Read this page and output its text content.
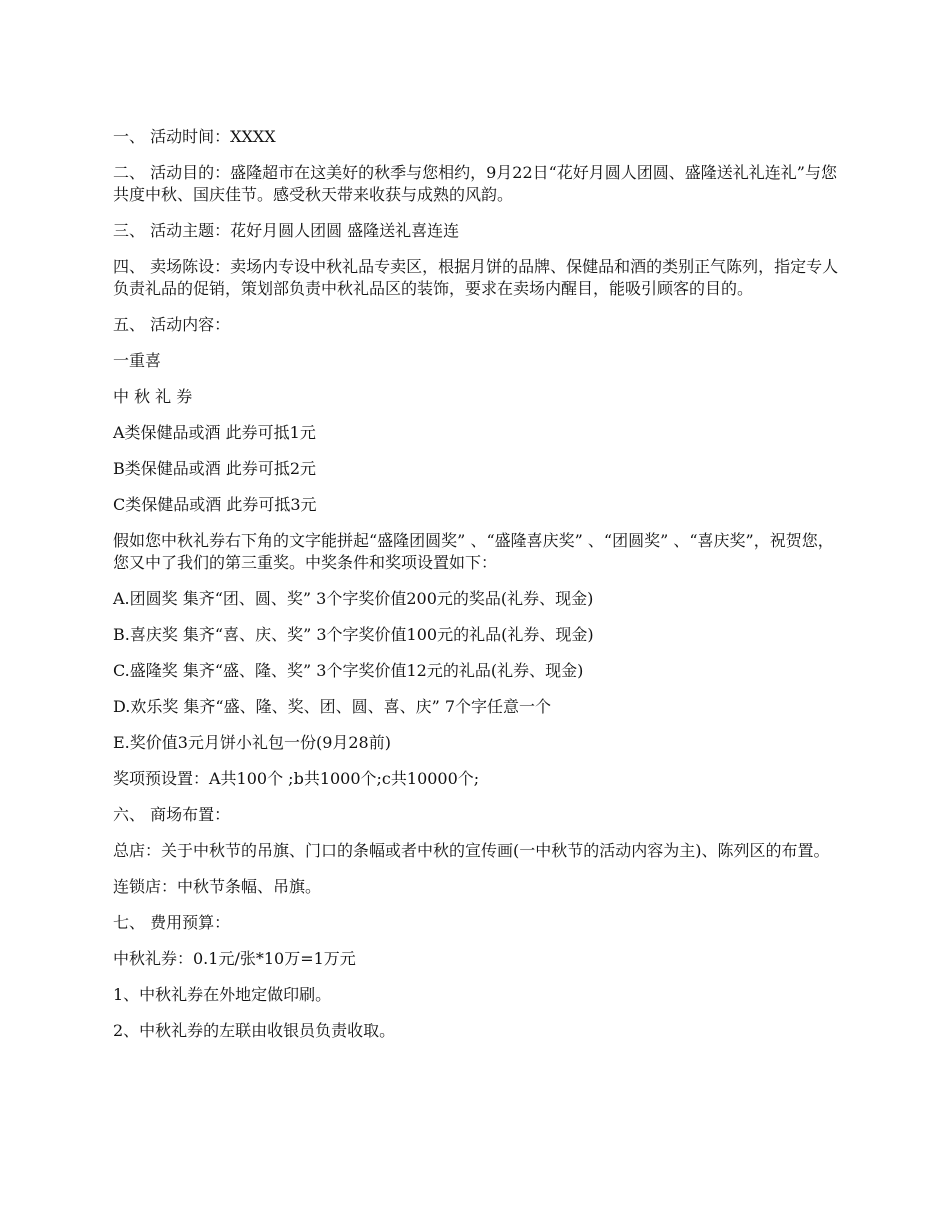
一、 活动时间：XXXX

二、 活动目的：盛隆超市在这美好的秋季与您相约，9月22日“花好月圆人团圆、盛隆送礼礼连礼”与您共度中秋、国庆佳节。感受秋天带来收获与成熟的风韵。

三、 活动主题：花好月圆人团圆 盛隆送礼喜连连

四、 卖场陈设：卖场内专设中秋礼品专卖区，根据月饼的品牌、保健品和酒的类别正气陈列，指定专人负责礼品的促销，策划部负责中秋礼品区的装饰，要求在卖场内醒目，能吸引顾客的目的。

五、 活动内容：

一重喜

中 秋 礼 券

A类保健品或酒 此券可抵1元

B类保健品或酒 此券可抵2元

C类保健品或酒 此券可抵3元

假如您中秋礼券右下角的文字能拼起“盛隆团圆奖” 、“盛隆喜庆奖” 、“团圆奖” 、“喜庆奖”，祝贺您，您又中了我们的第三重奖。中奖条件和奖项设置如下：

A.团圆奖 集齐“团、圆、奖” 3个字奖价值200元的奖品(礼券、现金)

B.喜庆奖 集齐“喜、庆、奖” 3个字奖价值100元的礼品(礼券、现金)

C.盛隆奖 集齐“盛、隆、奖” 3个字奖价值12元的礼品(礼券、现金)

D.欢乐奖 集齐“盛、隆、奖、团、圆、喜、庆” 7个字任意一个

E.奖价值3元月饼小礼包一份(9月28前)

奖项预设置：A共100个 ;b共1000个;c共10000个;

六、 商场布置：

总店：关于中秋节的吊旗、门口的条幅或者中秋的宣传画(一中秋节的活动内容为主)、陈列区的布置。

连锁店：中秋节条幅、吊旗。

七、 费用预算：

中秋礼券：0.1元/张*10万=1万元

1、中秋礼券在外地定做印刷。

2、中秋礼券的左联由收银员负责收取。
